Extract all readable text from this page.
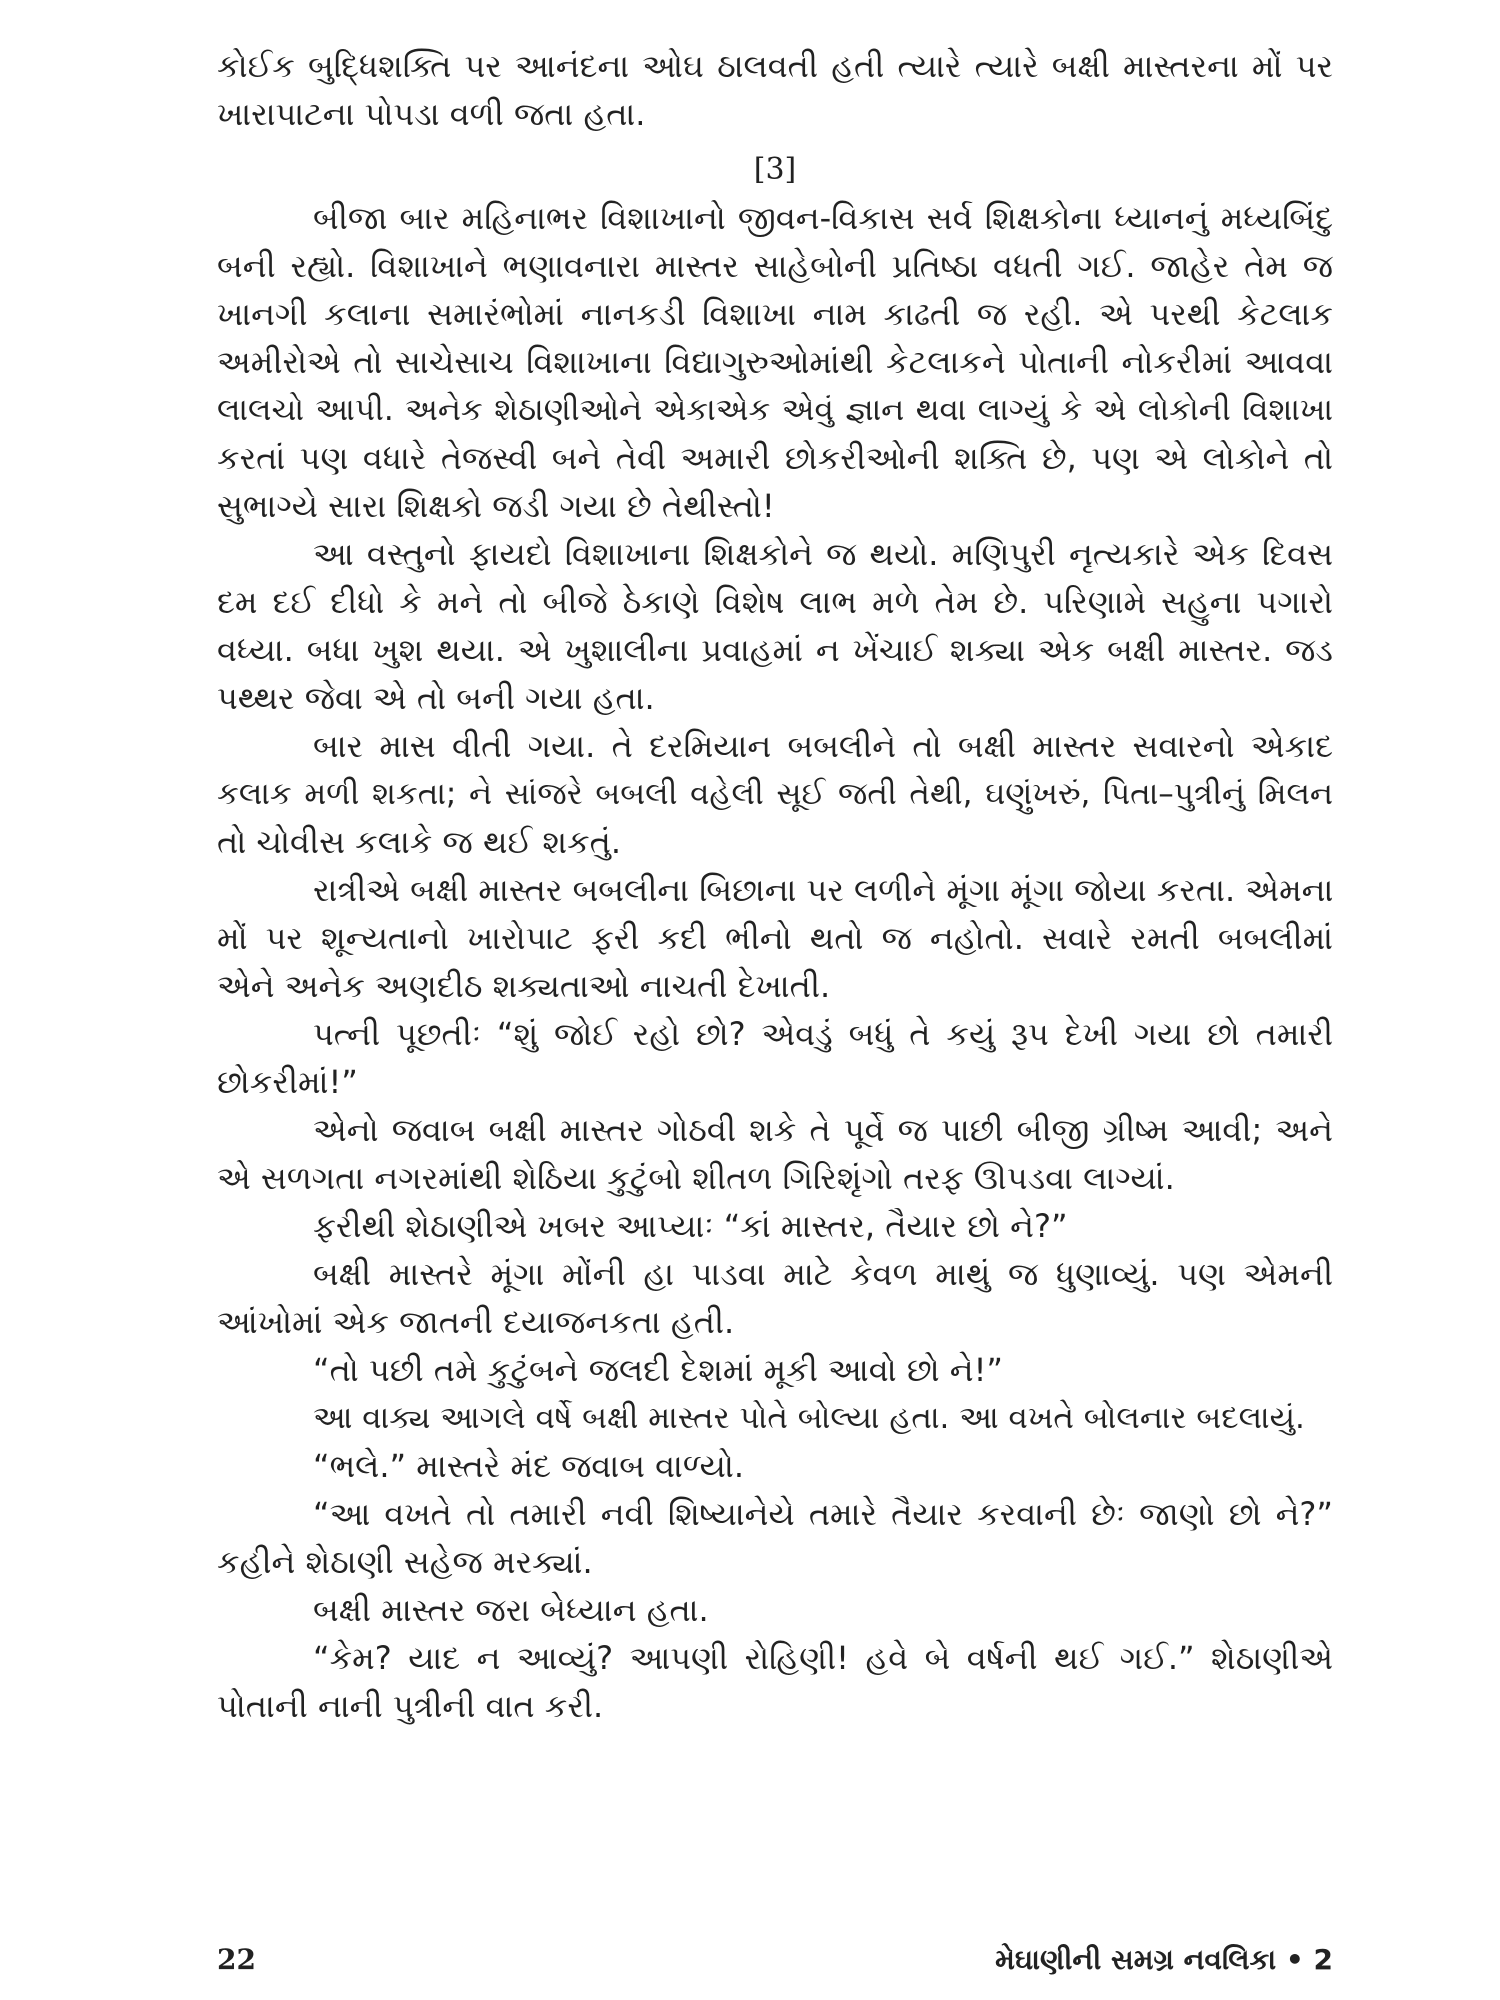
કોઈક બુદ્ધિશક્તિ પર આનંદના ઓઘ ઠાલવતી હતી ત્યારે ત્યારે બક્ષી માસ્તરના મોં પર
ખારાપાટના પોપડા વળી જતા હતા.
[3]
બીજા બાર મહિનાભર વિશાખાનો જીવન-વિકાસ સર્વ શિક્ષકોના ધ્યાનનું મધ્યબિંદુ
બની રહ્યો. વિશાખાને ભણાવનારા માસ્તર સાહેબોની પ્રતિષ્ઠા વધતી ગઈ. જાહેર તેમ જ
ખાનગી કલાના સમારંભોમાં નાનકડી વિશાખા નામ કાઢતી જ રહી. એ પરથી કેટલાક
અમીરોએ તો સાચેસાચ વિશાખાના વિદ્યાગુરુઓમાંથી કેટલાકને પોતાની નોકરીમાં આવવા
લાલચો આપી. અનેક શેઠાણીઓને એકાએક એવું જ્ઞાન થવા લાગ્યું કે એ લોકોની વિશાખા
કરતાં પણ વધારે તેજસ્વી બને તેવી અમારી છોકરીઓની શક્તિ છે, પણ એ લોકોને તો
સુભાગ્યે સારા શિક્ષકો જડી ગયા છે તેથીસ્તો!
આ વસ્તુનો ફાયદો વિશાખાના શિક્ષકોને જ થયો. મણિપુરી નૃત્યકારે એક દિવસ
દમ દઈ દીધો કે મને તો બીજે ઠેકાણે વિશેષ લાભ મળે તેમ છે. પરિણામે સહુના પગારો
વધ્યા. બધા ખુશ થયા. એ ખુશાલીના પ્રવાહમાં ન ખેંચાઈ શક્યા એક બક્ષી માસ્તર. જડ
પથ્થર જેવા એ તો બની ગયા હતા.
બાર માસ વીતી ગયા. તે દરમિયાન બબલીને તો બક્ષી માસ્તર સવારનો એકાદ
કલાક મળી શકતા; ને સાંજરે બબલી વહેલી સૂઈ જતી તેથી, ઘણુંખરું, પિતા–પુત્રીનું મિલન
તો ચોવીસ કલાકે જ થઈ શકતું.
રાત્રીએ બક્ષી માસ્તર બબલીના બિછાના પર લળીને મૂંગા મૂંગા જોયા કરતા. એમના
મોં પર શૂન્યતાનો ખારોપાટ ફરી કદી ભીનો થતો જ નહોતો. સવારે રમતી બબલીમાં
એને અનેક અણદીઠ શક્યતાઓ નાચતી દેખાતી.
પત્ની પૂછતીઃ “શું જોઈ રહો છો? એવડું બધું તે કયું રૂપ દેખી ગયા છો તમારી
છોકરીમાં!”
એનો જવાબ બક્ષી માસ્તર ગોઠવી શકે તે પૂર્વે જ પાછી બીજી ગ્રીષ્મ આવી; અને
એ સળગતા નગરમાંથી શેઠિયા કુટુંબો શીતળ ગિરિશૃંગો તરફ ઊપડવા લાગ્યાં.
ફરીથી શેઠાણીએ ખબર આપ્યાઃ “કાં માસ્તર, તૈયાર છો ને?”
બક્ષી માસ્તરે મૂંગા મોંની હા પાડવા માટે કેવળ માથું જ ધુણાવ્યું. પણ એમની
આંખોમાં એક જાતની દયાજનકતા હતી.
“તો પછી તમે કુટુંબને જલદી દેશમાં મૂકી આવો છો ને!”
આ વાક્ય આગલે વર્ષે બક્ષી માસ્તર પોતે બોલ્યા હતા. આ વખતે બોલનાર બદલાયું.
“ભલે.” માસ્તરે મંદ જવાબ વાળ્યો.
“આ વખતે તો તમારી નવી શિષ્યાનેયે તમારે તૈયાર કરવાની છેઃ જાણો છો ને?”
કહીને શેઠાણી સહેજ મરક્યાં.
બક્ષી માસ્તર જરા બેધ્યાન હતા.
“કેમ? યાદ ન આવ્યું? આપણી રોહિણી! હવે બે વર્ષની થઈ ગઈ.” શેઠાણીએ
પોતાની નાની પુત્રીની વાત કરી.
22	મેઘાણીની સમગ્ર નવલિકા • 2
